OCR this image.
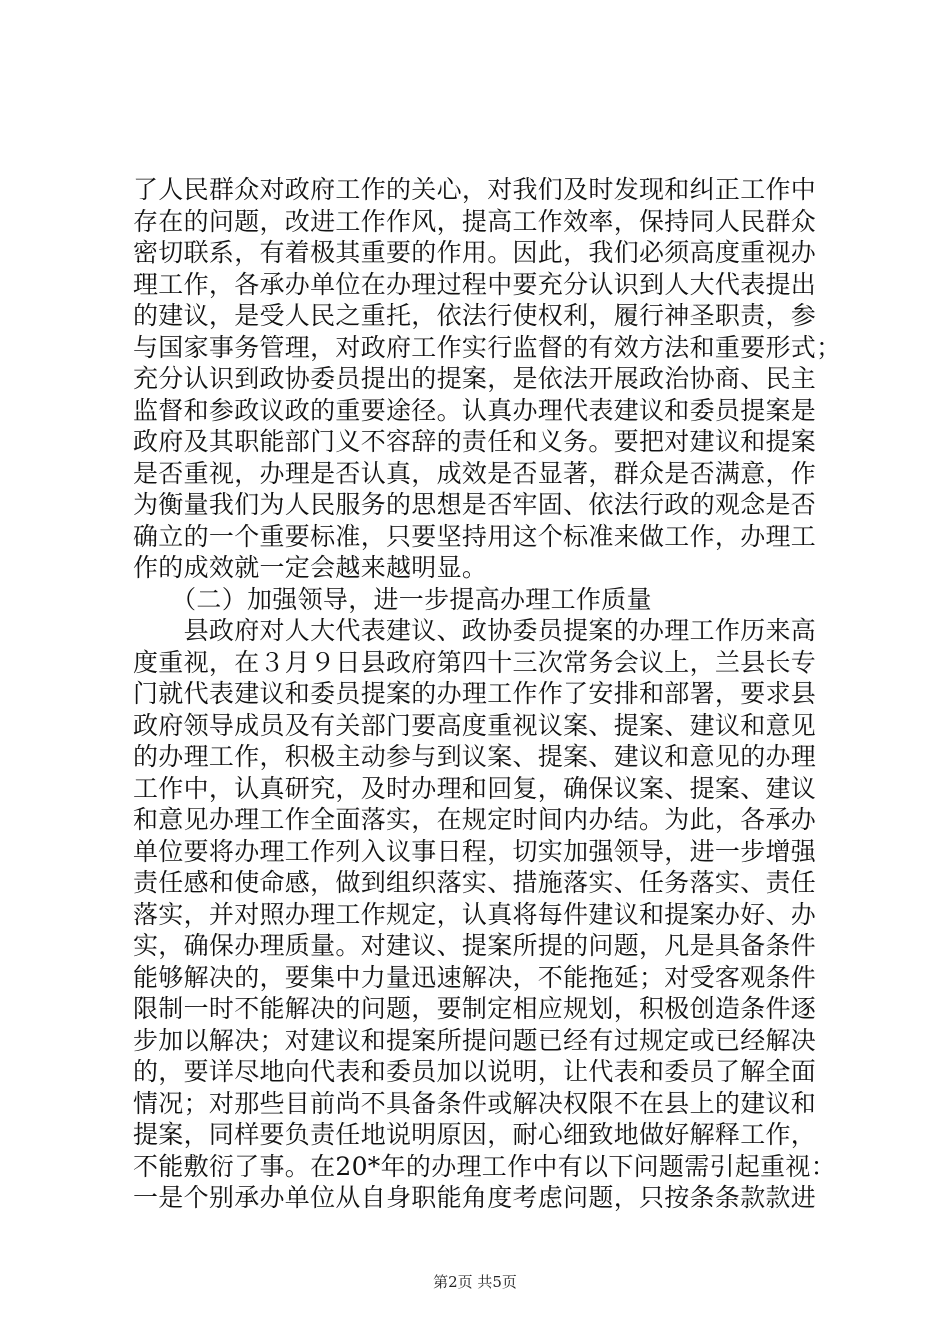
了人民群众对政府工作的关心，对我们及时发现和纠正工作中
存在的问题，改进工作作风，提高工作效率，保持同人民群众
密切联系，有着极其重要的作用。因此，我们必须高度重视办
理工作，各承办单位在办理过程中要充分认识到人大代表提出
的建议，是受人民之重托，依法行使权利，履行神圣职责，参
与国家事务管理，对政府工作实行监督的有效方法和重要形式；
充分认识到政协委员提出的提案，是依法开展政治协商、民主
监督和参政议政的重要途径。认真办理代表建议和委员提案是
政府及其职能部门义不容辞的责任和义务。要把对建议和提案
是否重视，办理是否认真，成效是否显著，群众是否满意，作
为衡量我们为人民服务的思想是否牢固、依法行政的观念是否
确立的一个重要标准，只要坚持用这个标准来做工作，办理工
作的成效就一定会越来越明显。
　　（二）加强领导，进一步提高办理工作质量
　　县政府对人大代表建议、政协委员提案的办理工作历来高
度重视，在３月９日县政府第四十三次常务会议上，兰县长专
门就代表建议和委员提案的办理工作作了安排和部署，要求县
政府领导成员及有关部门要高度重视议案、提案、建议和意见
的办理工作，积极主动参与到议案、提案、建议和意见的办理
工作中，认真研究，及时办理和回复，确保议案、提案、建议
和意见办理工作全面落实，在规定时间内办结。为此，各承办
单位要将办理工作列入议事日程，切实加强领导，进一步增强
责任感和使命感，做到组织落实、措施落实、任务落实、责任
落实，并对照办理工作规定，认真将每件建议和提案办好、办
实，确保办理质量。对建议、提案所提的问题，凡是具备条件
能够解决的，要集中力量迅速解决，不能拖延；对受客观条件
限制一时不能解决的问题，要制定相应规划，积极创造条件逐
步加以解决；对建议和提案所提问题已经有过规定或已经解决
的，要详尽地向代表和委员加以说明，让代表和委员了解全面
情况；对那些目前尚不具备条件或解决权限不在县上的建议和
提案，同样要负责任地说明原因，耐心细致地做好解释工作，
不能敷衍了事。在20*年的办理工作中有以下问题需引起重视：
一是个别承办单位从自身职能角度考虑问题，只按条条款款进
第2页 共5页
